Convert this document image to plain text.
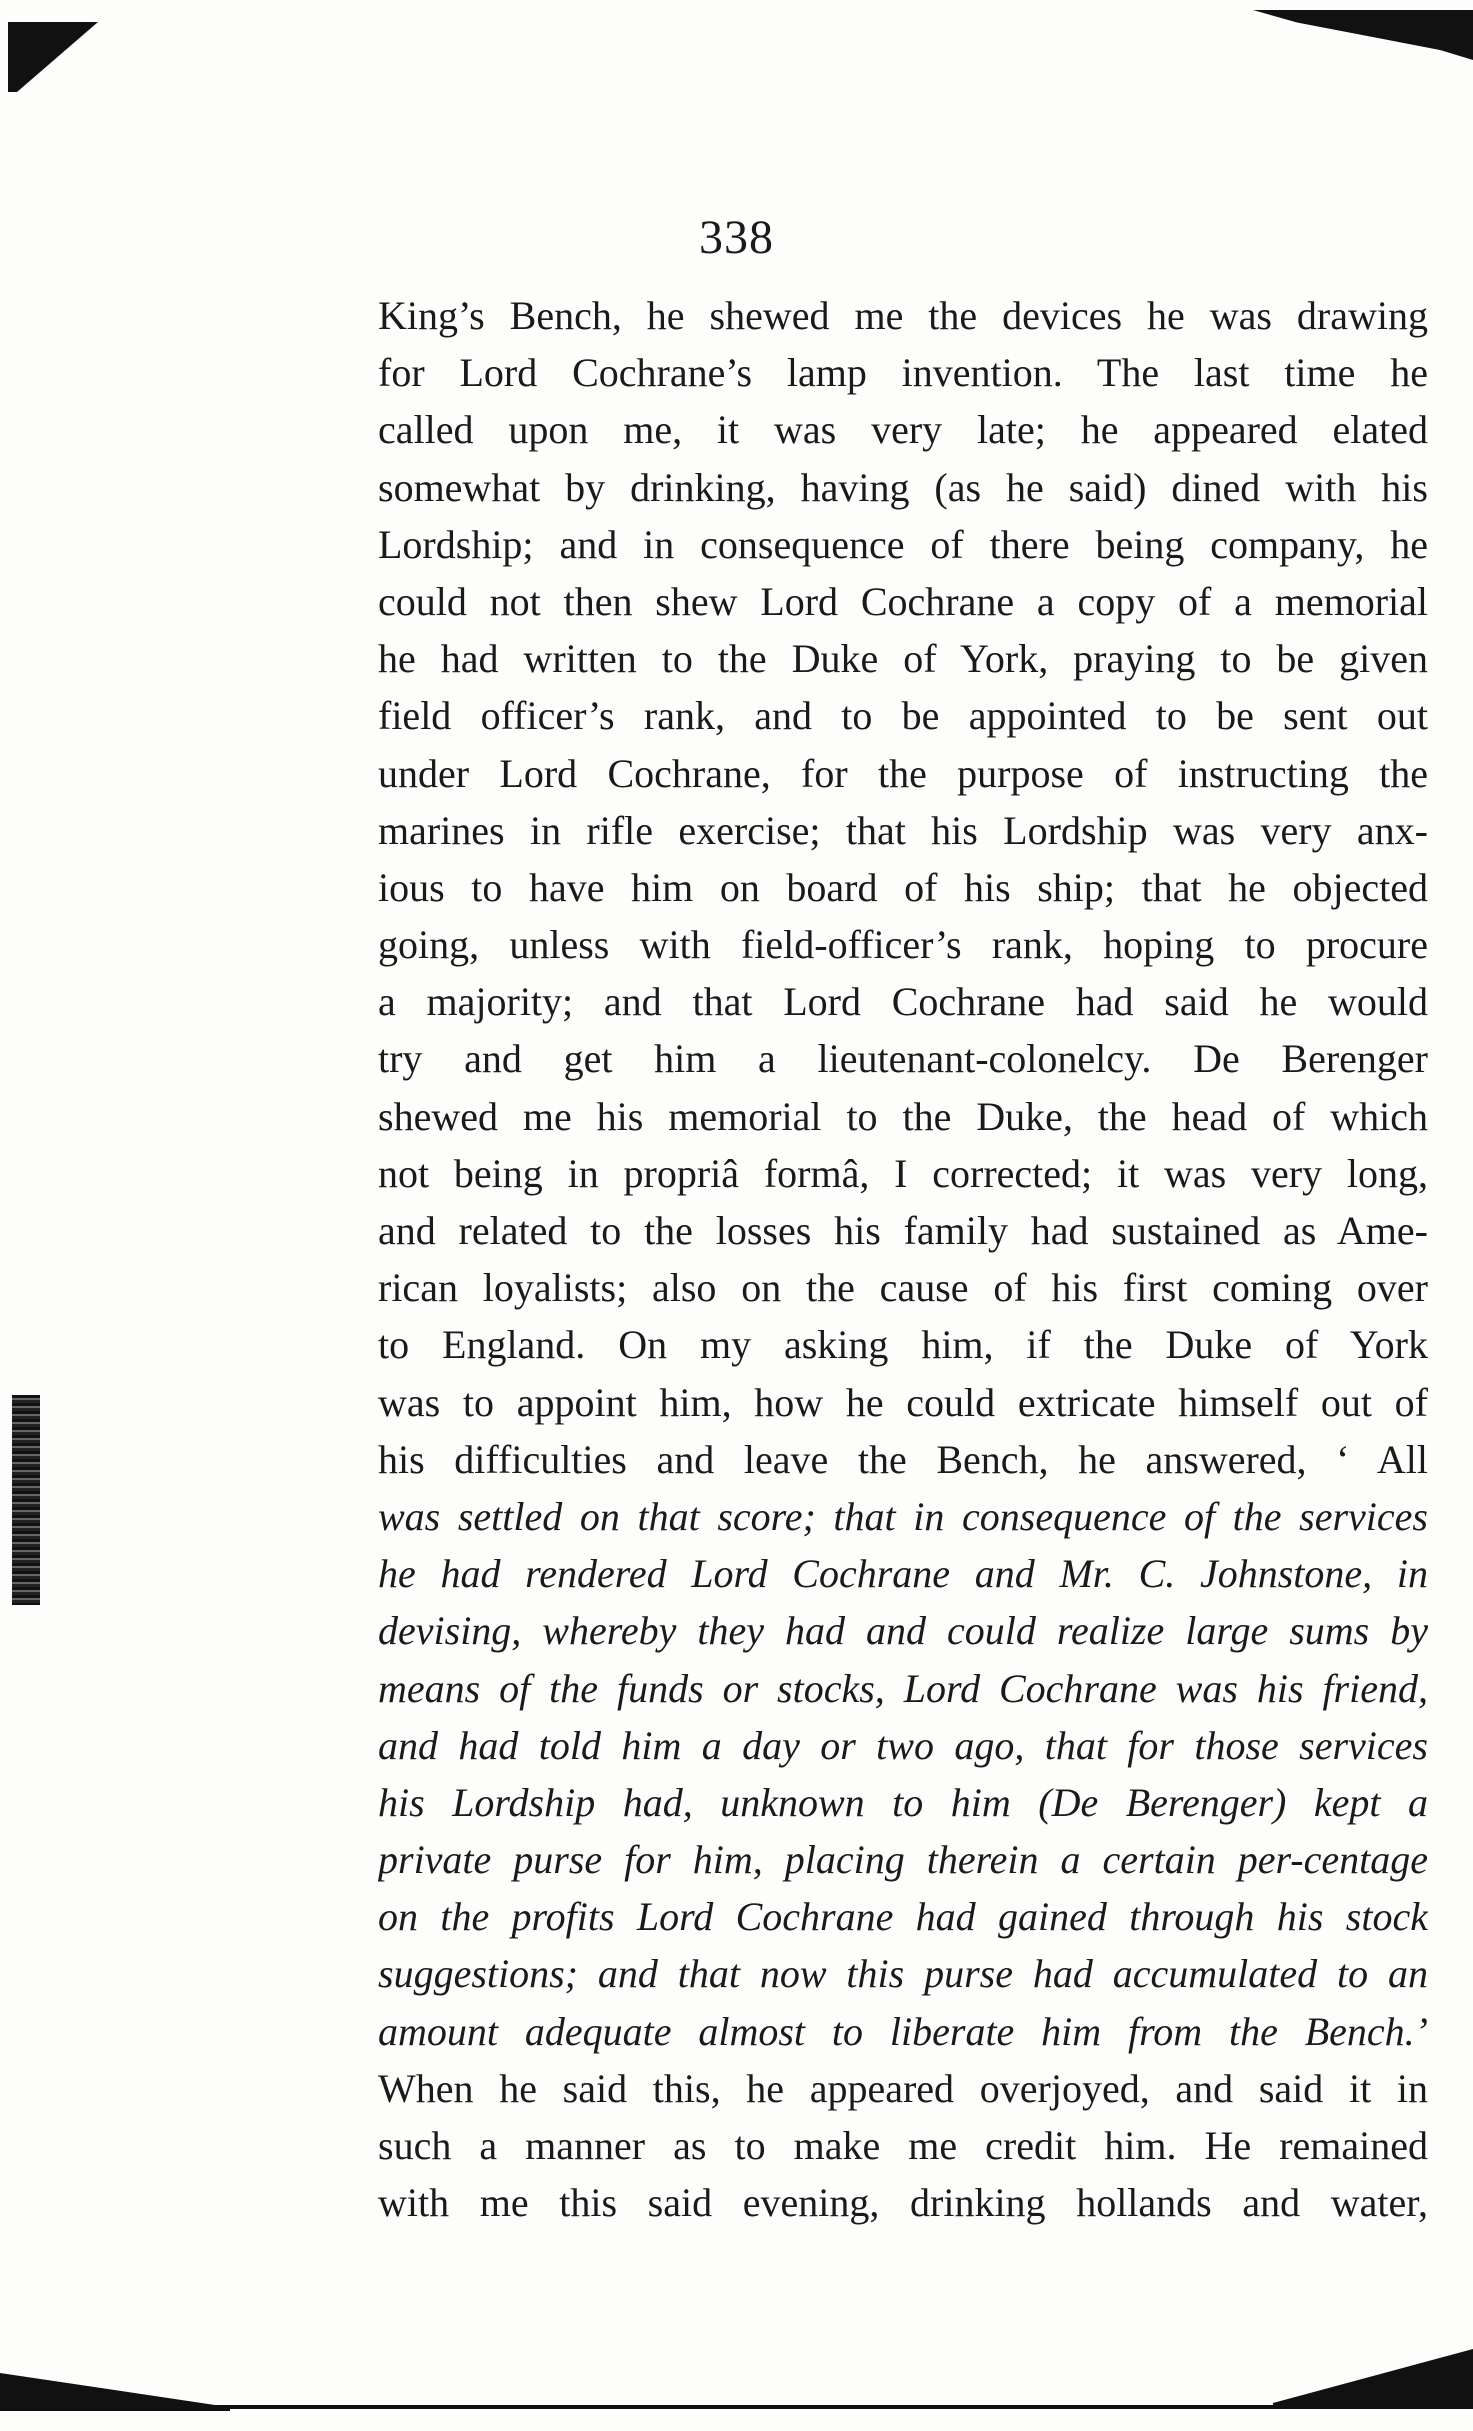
338
King’s Bench, he shewed me the devices he was drawing
for Lord Cochrane’s lamp invention. The last time he
called upon me, it was very late; he appeared elated
somewhat by drinking, having (as he said) dined with his
Lordship; and in consequence of there being company, he
could not then shew Lord Cochrane a copy of a memorial
he had written to the Duke of York, praying to be given
field officer’s rank, and to be appointed to be sent out
under Lord Cochrane, for the purpose of instructing the
marines in rifle exercise; that his Lordship was very anx-
ious to have him on board of his ship; that he objected
going, unless with field-officer’s rank, hoping to procure
a majority; and that Lord Cochrane had said he would
try and get him a lieutenant-colonelcy. De Berenger
shewed me his memorial to the Duke, the head of which
not being in propriâ formâ, I corrected; it was very long,
and related to the losses his family had sustained as Ame-
rican loyalists; also on the cause of his first coming over
to England. On my asking him, if the Duke of York
was to appoint him, how he could extricate himself out of
his difficulties and leave the Bench, he answered, ‘ All
was settled on that score; that in consequence of the services
he had rendered Lord Cochrane and Mr. C. Johnstone, in
devising, whereby they had and could realize large sums by
means of the funds or stocks, Lord Cochrane was his friend,
and had told him a day or two ago, that for those services
his Lordship had, unknown to him (De Berenger) kept a
private purse for him, placing therein a certain per-centage
on the profits Lord Cochrane had gained through his stock
suggestions; and that now this purse had accumulated to an
amount adequate almost to liberate him from the Bench.’
When he said this, he appeared overjoyed, and said it in
such a manner as to make me credit him. He remained
with me this said evening, drinking hollands and water,
